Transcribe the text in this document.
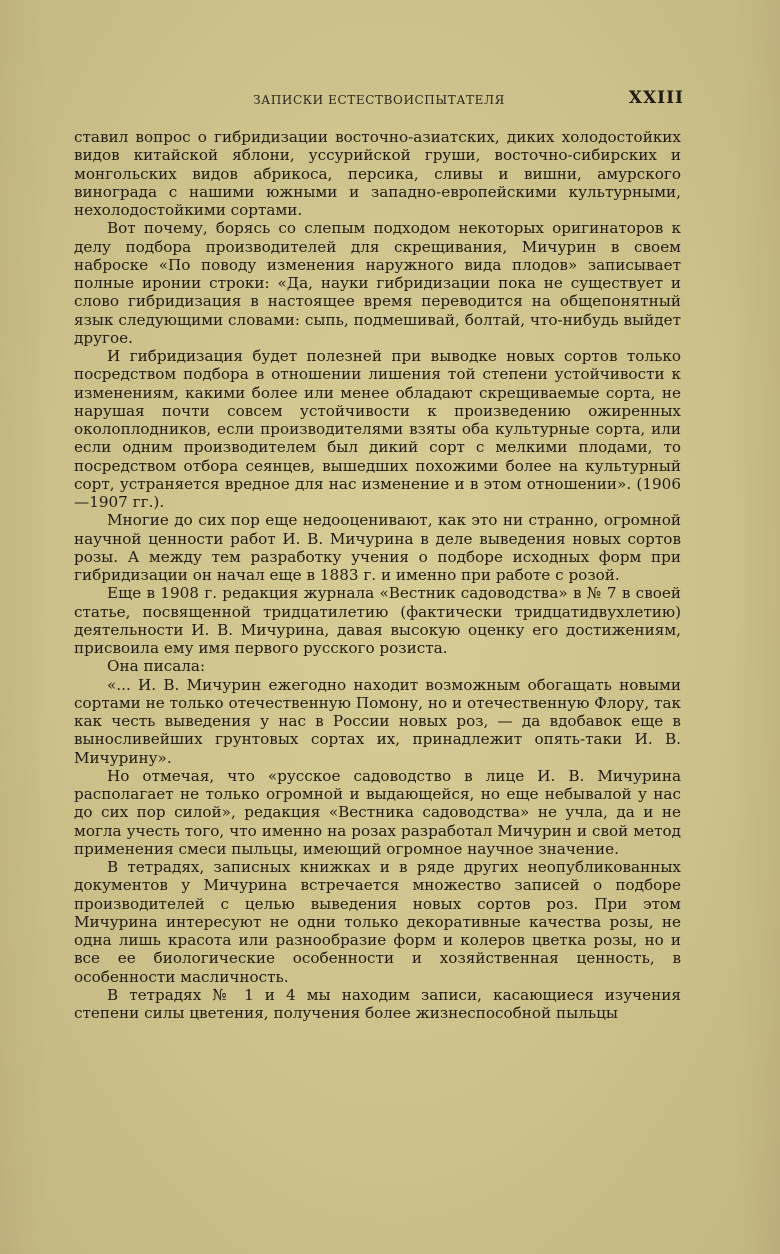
ЗАПИСКИ ЕСТЕСТВОИСПЫТАТЕЛЯ	XXIII

ставил вопрос о гибридизации восточно-азиатских, диких холодостойких видов китайской яблони, уссурийской груши, восточно-сибирских и монгольских видов абрикоса, персика, сливы и вишни, амурского винограда с нашими южными и западно-европейскими культурными, нехолодостойкими сортами.

Вот почему, борясь со слепым подходом некоторых оригинаторов к делу подбора производителей для скрещивания, Мичурин в своем наброске «По поводу изменения наружного вида плодов» записывает полные иронии строки: «Да, науки гибридизации пока не существует и слово гибридизация в настоящее время переводится на общепонятный язык следующими словами: сыпь, подмешивай, болтай, что-нибудь выйдет другое.

И гибридизация будет полезней при выводке новых сортов только посредством подбора в отношении лишения той степени устойчивости к изменениям, какими более или менее обладают скрещиваемые сорта, не нарушая почти совсем устойчивости к произведению ожиренных околоплодников, если производителями взяты оба культурные сорта, или если одним производителем был дикий сорт с мелкими плодами, то посредством отбора сеянцев, вышедших похожими более на культурный сорт, устраняется вредное для нас изменение и в этом отношении». (1906—1907 гг.).

Многие до сих пор еще недооценивают, как это ни странно, огромной научной ценности работ И. В. Мичурина в деле выведения новых сортов розы. А между тем разработку учения о подборе исходных форм при гибридизации он начал еще в 1883 г. и именно при работе с розой.

Еще в 1908 г. редакция журнала «Вестник садоводства» в № 7 в своей статье, посвященной тридцатилетию (фактически тридцатидвухлетию) деятельности И. В. Мичурина, давая высокую оценку его достижениям, присвоила ему имя первого русского розиста.

Она писала:

«... И. В. Мичурин ежегодно находит возможным обогащать новыми сортами не только отечественную Помону, но и отечественную Флору, так как честь выведения у нас в России новых роз, — да вдобавок еще в выносливейших грунтовых сортах их, принадлежит опять-таки И. В. Мичурину».

Но отмечая, что «русское садоводство в лице И. В. Мичурина располагает не только огромной и выдающейся, но еще небывалой у нас до сих пор силой», редакция «Вестника садоводства» не учла, да и не могла учесть того, что именно на розах разработал Мичурин и свой метод применения смеси пыльцы, имеющий огромное научное значение.

В тетрадях, записных книжках и в ряде других неопубликованных документов у Мичурина встречается множество записей о подборе производителей с целью выведения новых сортов роз. При этом Мичурина интересуют не одни только декоративные качества розы, не одна лишь красота или разнообразие форм и колеров цветка розы, но и все ее биологические особенности и хозяйственная ценность, в особенности масличность.

В тетрадях № 1 и 4 мы находим записи, касающиеся изучения степени силы цветения, получения более жизнеспособной пыльцы
